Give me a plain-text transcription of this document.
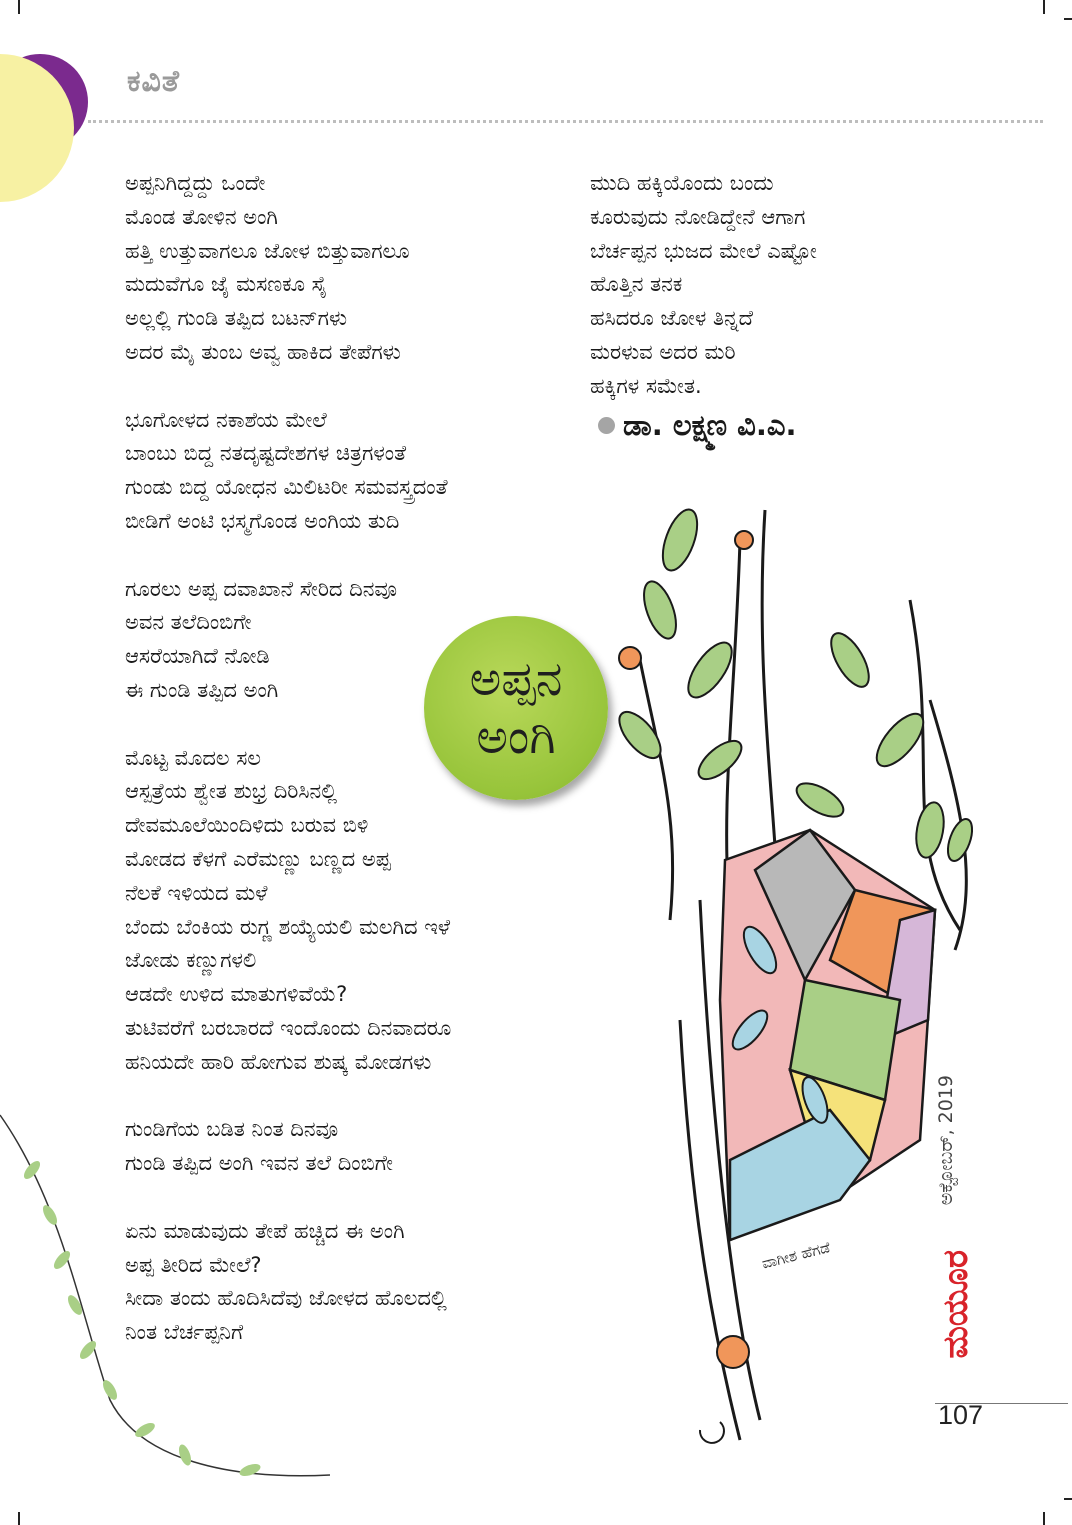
ಕವಿತೆ
ಅಪ್ಪನಿಗಿದ್ದದ್ದು ಒಂದೇ
ಮೊಂಡ ತೋಳಿನ ಅಂಗಿ
ಹತ್ತಿ ಉತ್ತುವಾಗಲೂ ಜೋಳ ಬಿತ್ತುವಾಗಲೂ
ಮದುವೆಗೂ ಜೈ ಮಸಣಕೂ ಸೈ
ಅಲ್ಲಲ್ಲಿ ಗುಂಡಿ ತಪ್ಪಿದ ಬಟನ್‌ಗಳು
ಅದರ ಮೈ ತುಂಬ ಅವ್ವ ಹಾಕಿದ ತೇಪೆಗಳು
ಭೂಗೋಳದ ನಕಾಶೆಯ ಮೇಲೆ
ಬಾಂಬು ಬಿದ್ದ ನತದೃಷ್ಟದೇಶಗಳ ಚಿತ್ರಗಳಂತೆ
ಗುಂಡು ಬಿದ್ದ ಯೋಧನ ಮಿಲಿಟರೀ ಸಮವಸ್ತ್ರದಂತೆ
ಬೀಡಿಗೆ ಅಂಟಿ ಭಸ್ಮಗೊಂಡ ಅಂಗಿಯ ತುದಿ
ಗೂರಲು ಅಪ್ಪ ದವಾಖಾನೆ ಸೇರಿದ ದಿನವೂ
ಅವನ ತಲೆದಿಂಬಿಗೇ
ಆಸರೆಯಾಗಿದೆ ನೋಡಿ
ಈ ಗುಂಡಿ ತಪ್ಪಿದ ಅಂಗಿ
ಮೊಟ್ಟ ಮೊದಲ ಸಲ
ಆಸ್ಪತ್ರೆಯ ಶ್ವೇತ ಶುಭ್ರ ದಿರಿಸಿನಲ್ಲಿ
ದೇವಮೂಲೆಯಿಂದಿಳಿದು ಬರುವ ಬಿಳಿ
ಮೋಡದ ಕೆಳಗೆ ಎರೆಮಣ್ಣು ಬಣ್ಣದ ಅಪ್ಪ
ನೆಲಕೆ ಇಳಿಯದ ಮಳೆ
ಬೆಂದು ಬೆಂಕಿಯ ರುಗ್ಣ ಶಯ್ಯೆಯಲಿ ಮಲಗಿದ ಇಳೆ
ಜೋಡು ಕಣ್ಣುಗಳಲಿ
ಆಡದೇ ಉಳಿದ ಮಾತುಗಳಿವೆಯೆ?
ತುಟಿವರೆಗೆ ಬರಬಾರದೆ ಇಂದೊಂದು ದಿನವಾದರೂ
ಹನಿಯದೇ ಹಾರಿ ಹೋಗುವ ಶುಷ್ಕ ಮೋಡಗಳು
ಗುಂಡಿಗೆಯ ಬಡಿತ ನಿಂತ ದಿನವೂ
ಗುಂಡಿ ತಪ್ಪಿದ ಅಂಗಿ ಇವನ ತಲೆ ದಿಂಬಿಗೇ
ಏನು ಮಾಡುವುದು ತೇಪೆ ಹಚ್ಚಿದ ಈ ಅಂಗಿ
ಅಪ್ಪ ತೀರಿದ ಮೇಲೆ?
ಸೀದಾ ತಂದು ಹೊದಿಸಿದೆವು ಜೋಳದ ಹೊಲದಲ್ಲಿ
ನಿಂತ ಬೆರ್ಚಪ್ಪನಿಗೆ
ಮುದಿ ಹಕ್ಕಿಯೊಂದು ಬಂದು
ಕೂರುವುದು ನೋಡಿದ್ದೇನೆ ಆಗಾಗ
ಬೆರ್ಚಪ್ಪನ ಭುಜದ ಮೇಲೆ ಎಷ್ಟೋ
ಹೊತ್ತಿನ ತನಕ
ಹಸಿದರೂ ಜೋಳ ತಿನ್ನದೆ
ಮರಳುವ ಅದರ ಮರಿ
ಹಕ್ಕಿಗಳ ಸಮೇತ.
ಡಾ. ಲಕ್ಷ್ಮಣ ವಿ.ಎ.
ವಾಗೀಶ ಹೆಗಡೆ
ಅಪ್ಪನ
ಅಂಗಿ
ಅಕ್ಟೋಬರ್, 2019
ಮಯೂರ
107
